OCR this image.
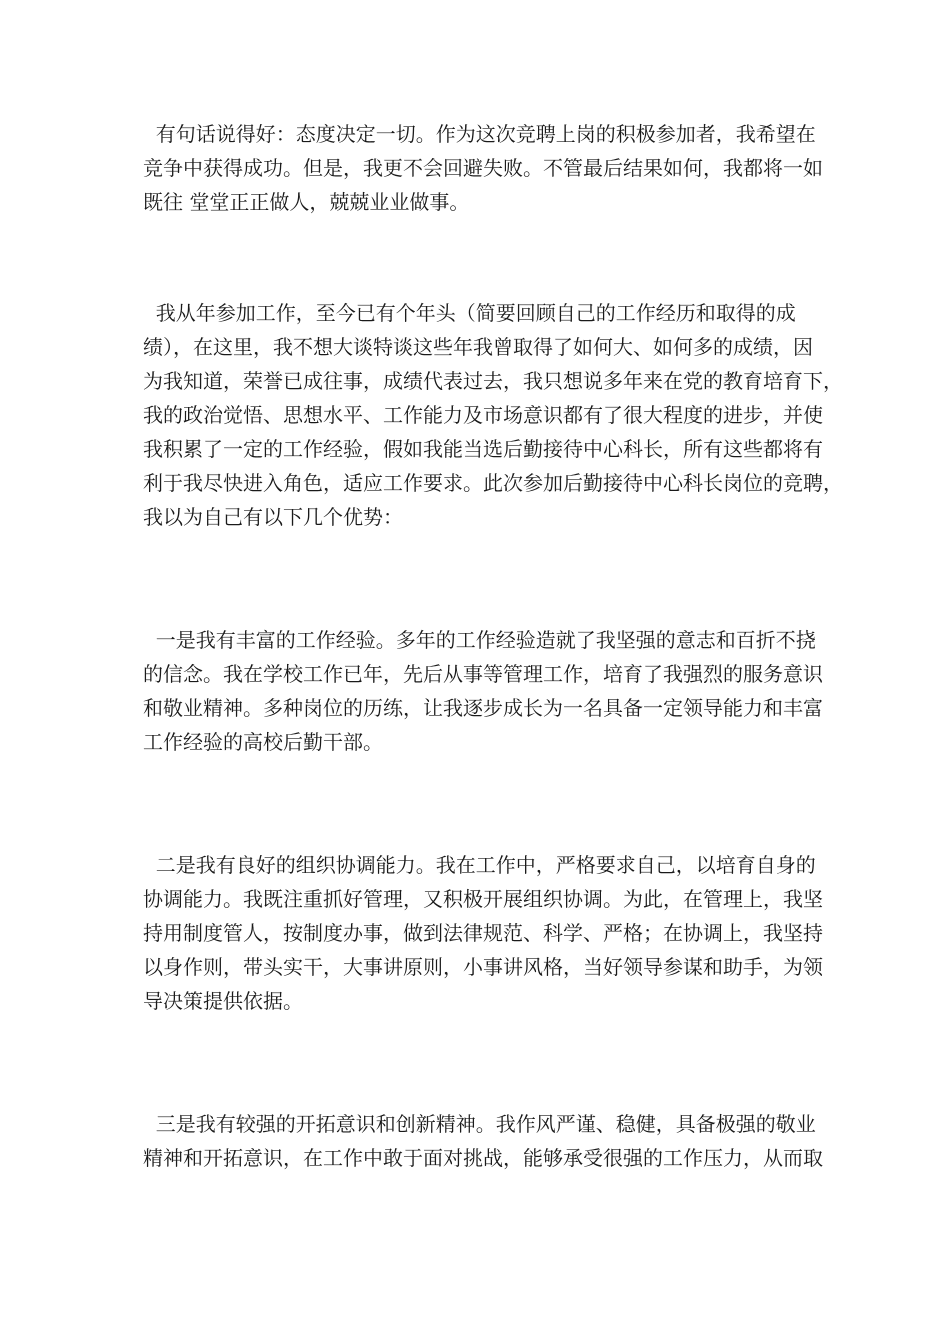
有句话说得好：态度决定一切。作为这次竞聘上岗的积极参加者，我希望在
竞争中获得成功。但是，我更不会回避失败。不管最后结果如何，我都将一如
既往 堂堂正正做人，兢兢业业做事。
我从年参加工作，至今已有个年头（简要回顾自己的工作经历和取得的成
绩），在这里，我不想大谈特谈这些年我曾取得了如何大、如何多的成绩，因
为我知道，荣誉已成往事，成绩代表过去，我只想说多年来在党的教育培育下，
我的政治觉悟、思想水平、工作能力及市场意识都有了很大程度的进步，并使
我积累了一定的工作经验，假如我能当选后勤接待中心科长，所有这些都将有
利于我尽快进入角色，适应工作要求。此次参加后勤接待中心科长岗位的竞聘，
我以为自己有以下几个优势：
一是我有丰富的工作经验。多年的工作经验造就了我坚强的意志和百折不挠
的信念。我在学校工作已年，先后从事等管理工作，培育了我强烈的服务意识
和敬业精神。多种岗位的历练，让我逐步成长为一名具备一定领导能力和丰富
工作经验的高校后勤干部。
二是我有良好的组织协调能力。我在工作中，严格要求自己，以培育自身的
协调能力。我既注重抓好管理，又积极开展组织协调。为此，在管理上，我坚
持用制度管人，按制度办事，做到法律规范、科学、严格；在协调上，我坚持
以身作则，带头实干，大事讲原则，小事讲风格，当好领导参谋和助手，为领
导决策提供依据。
三是我有较强的开拓意识和创新精神。我作风严谨、稳健，具备极强的敬业
精神和开拓意识，在工作中敢于面对挑战，能够承受很强的工作压力，从而取
